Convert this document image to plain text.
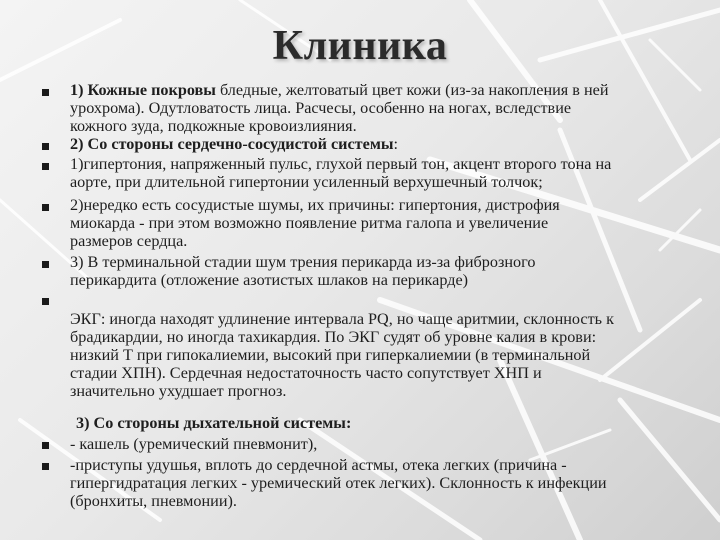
Клиника
1) Кожные покровы бледные, желтоватый цвет кожи (из-за накопления в ней
урохрома). Одутловатость лица. Расчесы, особенно на ногах, вследствие
кожного зуда, подкожные кровоизлияния.
2) Со стороны сердечно-сосудистой системы:
1)гипертония, напряженный пульс, глухой первый тон, акцент второго тона на
аорте, при длительной гипертонии усиленный верхушечный толчок;
2)нередко есть сосудистые шумы, их причины: гипертония, дистрофия
миокарда - при этом возможно появление ритма галопа и увеличение
размеров сердца.
3) В терминальной стадии шум трения перикарда из-за фиброзного
перикардита (отложение азотистых шлаков на перикарде)
ЭКГ: иногда находят удлинение интервала PQ, но чаще аритмии, склонность к
брадикардии, но иногда тахикардия. По ЭКГ судят об уровне калия в крови:
низкий Т при гипокалиемии, высокий при гиперкалиемии (в терминальной
стадии ХПН). Сердечная недостаточность часто сопутствует ХНП и
значительно ухудшает прогноз.
3) Со стороны дыхательной системы:
- кашель (уремический пневмонит),
-приступы удушья, вплоть до сердечной астмы, отека легких (причина -
гипергидратация легких - уремический отек легких). Склонность к инфекции
(бронхиты, пневмонии).
